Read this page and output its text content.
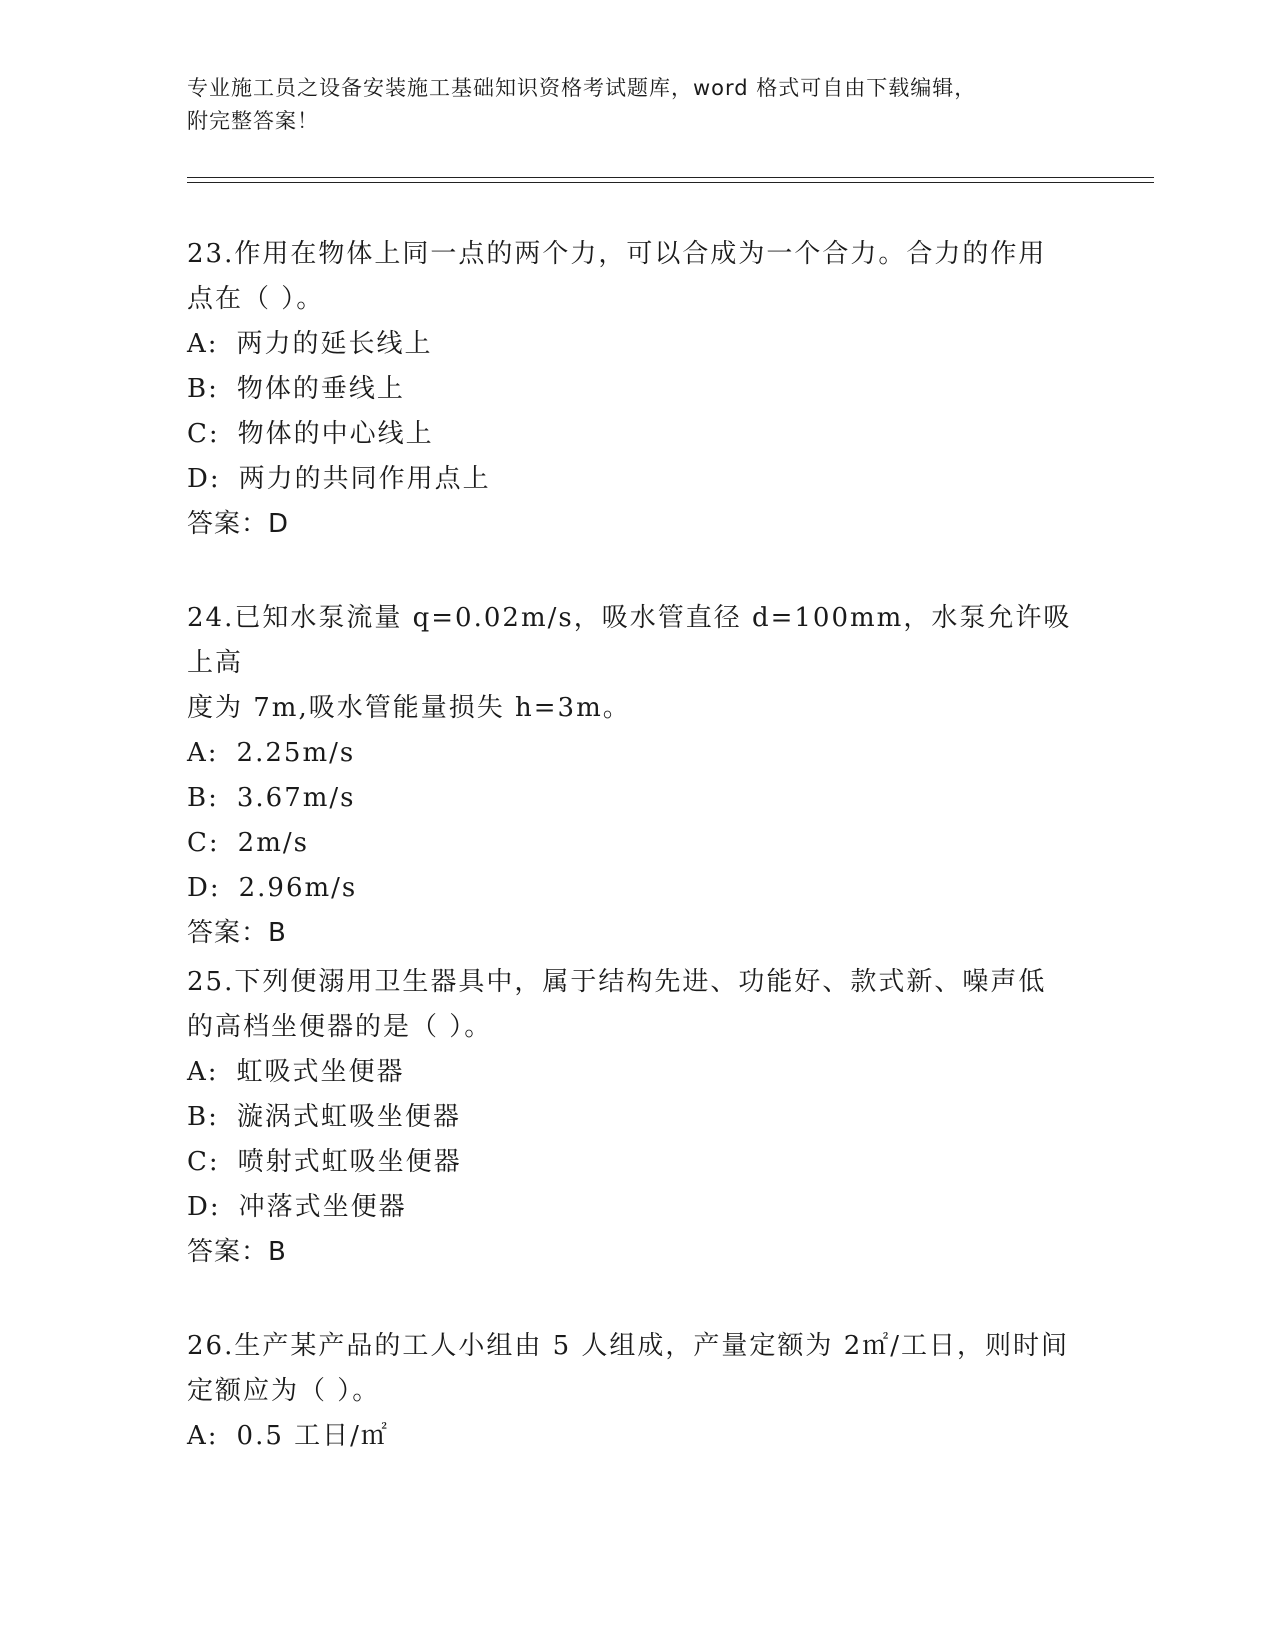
专业施工员之设备安装施工基础知识资格考试题库，word 格式可自由下载编辑，
附完整答案！
23.作用在物体上同一点的两个力，可以合成为一个合力。合力的作用
点在（ ）。
A: 两力的延长线上
B: 物体的垂线上
C: 物体的中心线上
D: 两力的共同作用点上
答案：D
24.已知水泵流量 q=0.02m/s，吸水管直径 d=100mm，水泵允许吸上高
度为 7m,吸水管能量损失 h=3m。
A: 2.25m/s
B: 3.67m/s
C: 2m/s
D: 2.96m/s
答案：B
25.下列便溺用卫生器具中，属于结构先进、功能好、款式新、噪声低
的高档坐便器的是（ ）。
A: 虹吸式坐便器
B: 漩涡式虹吸坐便器
C: 喷射式虹吸坐便器
D: 冲落式坐便器
答案：B
26.生产某产品的工人小组由 5 人组成，产量定额为 2㎡/工日，则时间
定额应为（ ）。
A: 0.5 工日/㎡
